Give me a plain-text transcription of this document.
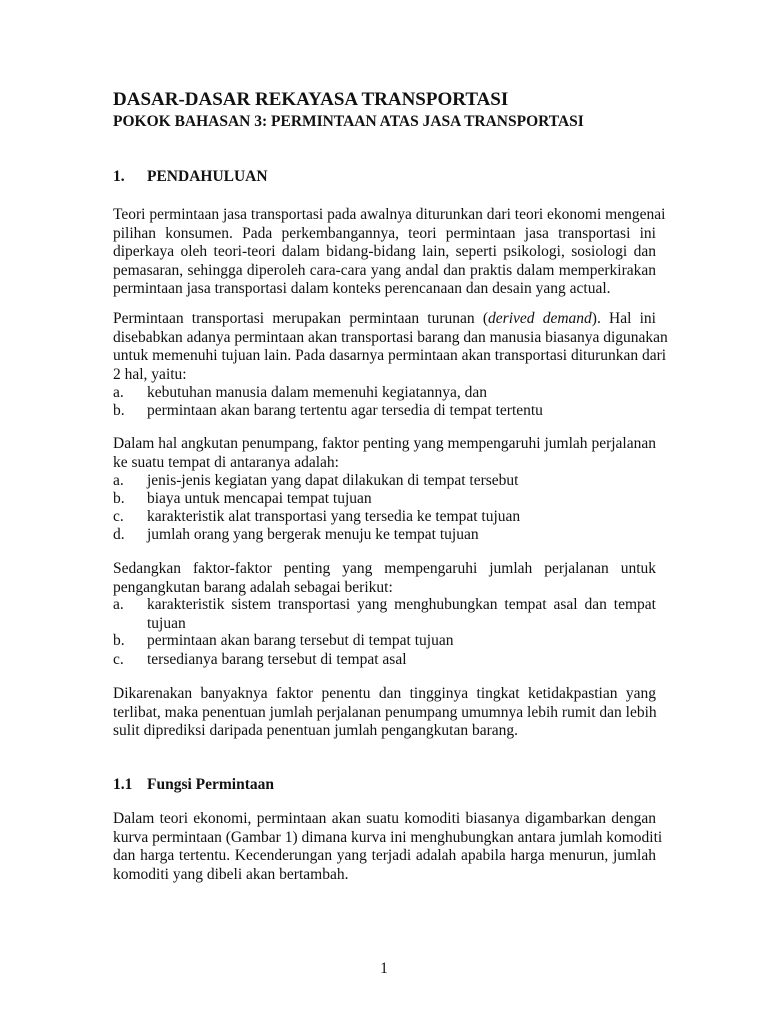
DASAR-DASAR REKAYASA TRANSPORTASI
POKOK BAHASAN 3: PERMINTAAN ATAS JASA TRANSPORTASI
1. PENDAHULUAN
Teori permintaan jasa transportasi pada awalnya diturunkan dari teori ekonomi mengenai
pilihan konsumen. Pada perkembangannya, teori permintaan jasa transportasi ini
diperkaya oleh teori-teori dalam bidang-bidang lain, seperti psikologi, sosiologi dan
pemasaran, sehingga diperoleh cara-cara yang andal dan praktis dalam memperkirakan
permintaan jasa transportasi dalam konteks perencanaan dan desain yang actual.
Permintaan transportasi merupakan permintaan turunan (derived demand). Hal ini
disebabkan adanya permintaan akan transportasi barang dan manusia biasanya digunakan
untuk memenuhi tujuan lain. Pada dasarnya permintaan akan transportasi diturunkan dari
2 hal, yaitu:
a. kebutuhan manusia dalam memenuhi kegiatannya, dan
b. permintaan akan barang tertentu agar tersedia di tempat tertentu
Dalam hal angkutan penumpang, faktor penting yang mempengaruhi jumlah perjalanan
ke suatu tempat di antaranya adalah:
a. jenis-jenis kegiatan yang dapat dilakukan di tempat tersebut
b. biaya untuk mencapai tempat tujuan
c. karakteristik alat transportasi yang tersedia ke tempat tujuan
d. jumlah orang yang bergerak menuju ke tempat tujuan
Sedangkan faktor-faktor penting yang mempengaruhi jumlah perjalanan untuk
pengangkutan barang adalah sebagai berikut:
a. karakteristik sistem transportasi yang menghubungkan tempat asal dan tempat
tujuan
b. permintaan akan barang tersebut di tempat tujuan
c. tersedianya barang tersebut di tempat asal
Dikarenakan banyaknya faktor penentu dan tingginya tingkat ketidakpastian yang
terlibat, maka penentuan jumlah perjalanan penumpang umumnya lebih rumit dan lebih
sulit diprediksi daripada penentuan jumlah pengangkutan barang.
1.1 Fungsi Permintaan
Dalam teori ekonomi, permintaan akan suatu komoditi biasanya digambarkan dengan
kurva permintaan (Gambar 1) dimana kurva ini menghubungkan antara jumlah komoditi
dan harga tertentu. Kecenderungan yang terjadi adalah apabila harga menurun, jumlah
komoditi yang dibeli akan bertambah.
1
